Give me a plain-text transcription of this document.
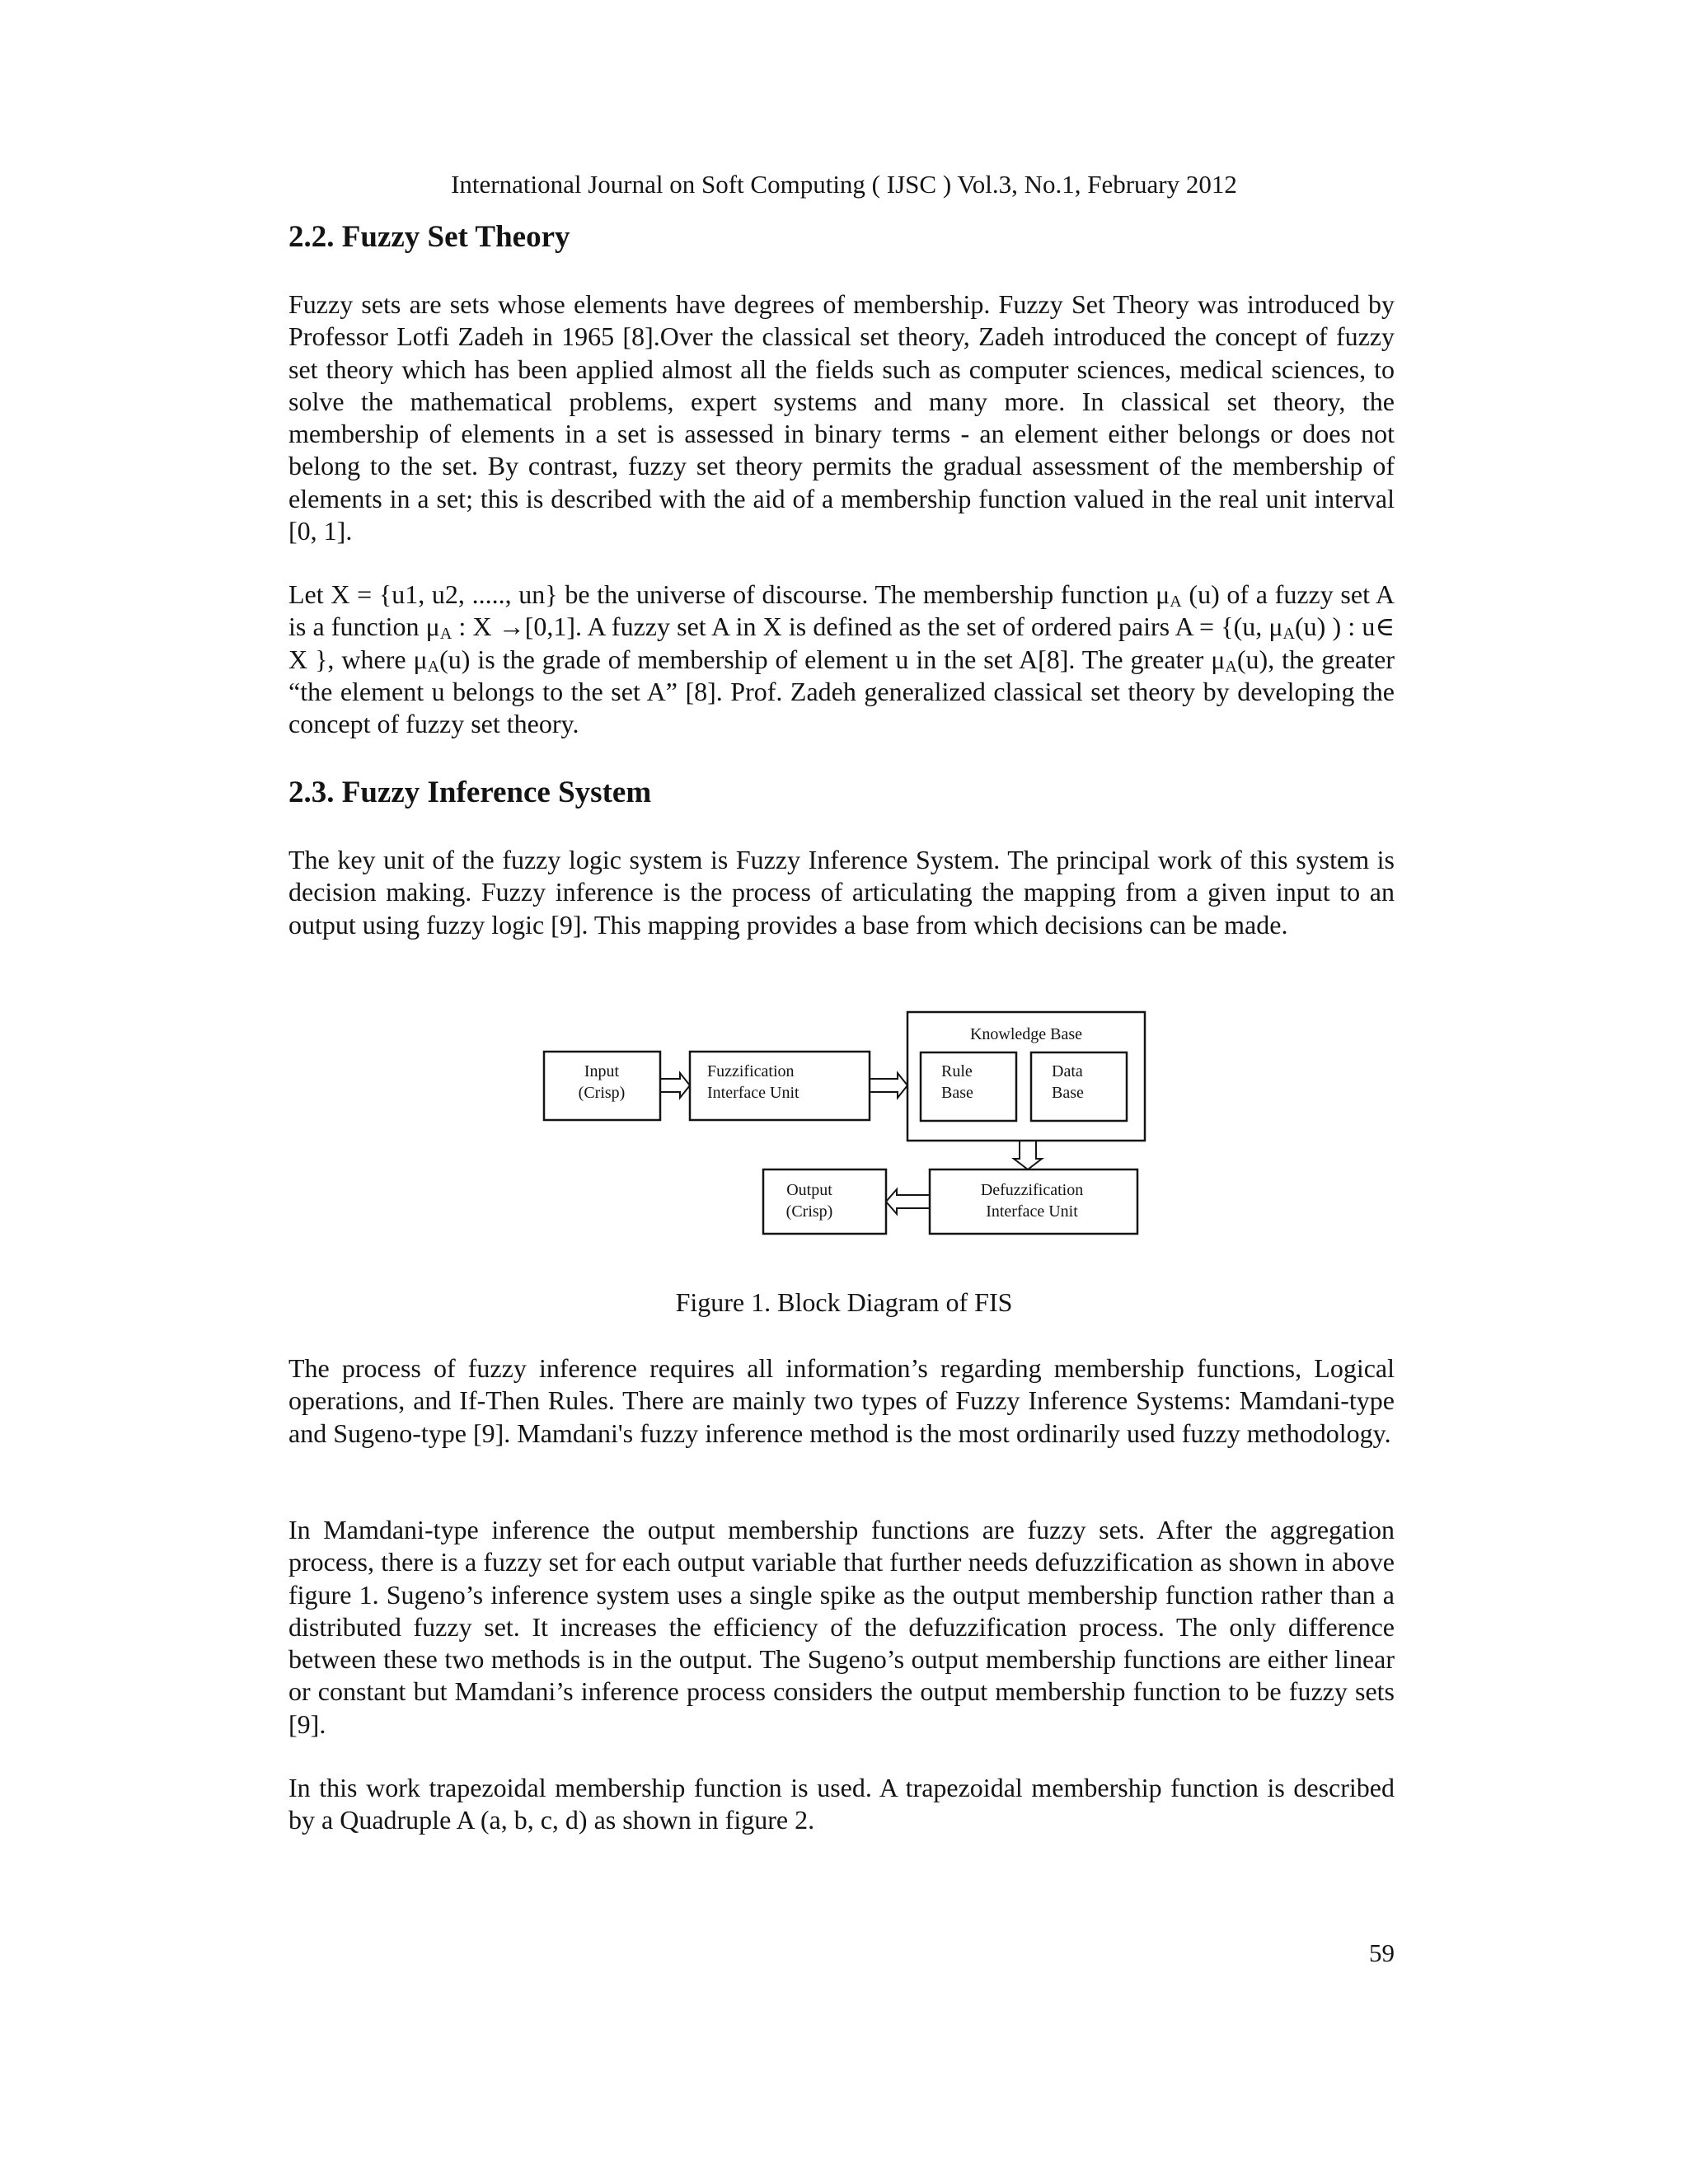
International Journal on Soft Computing ( IJSC ) Vol.3, No.1, February 2012
2.2. Fuzzy Set Theory

Fuzzy sets are sets whose elements have degrees of membership. Fuzzy Set Theory was introduced by Professor Lotfi Zadeh in 1965 [8].Over the classical set theory, Zadeh introduced the concept of fuzzy set theory which has been applied almost all the fields such as computer sciences, medical sciences, to solve the mathematical problems, expert systems and many more. In classical set theory, the membership of elements in a set is assessed in binary terms - an element either belongs or does not belong to the set. By contrast, fuzzy set theory permits the gradual assessment of the membership of elements in a set; this is described with the aid of a membership function valued in the real unit interval [0, 1].

Let X = {u1, u2, ....., un} be the universe of discourse. The membership function $\mu_A$ (u) of a fuzzy set A is a function $\mu_A$ : X →[0,1]. A fuzzy set A in X is defined as the set of ordered pairs A = {(u, $\mu_A(u)$ ) : u∈ X }, where $\mu_A(u)$ is the grade of membership of element u in the set A[8]. The greater $\mu_A(u)$, the greater “the element u belongs to the set A” [8]. Prof. Zadeh generalized classical set theory by developing the concept of fuzzy set theory.

2.3. Fuzzy Inference System

The key unit of the fuzzy logic system is Fuzzy Inference System. The principal work of this system is decision making. Fuzzy inference is the process of articulating the mapping from a given input to an output using fuzzy logic [9]. This mapping provides a base from which decisions can be made.

Input
(Crisp)
Knowledge Base
Output
(Crisp)
Defuzzification
Interface Unit
Fuzzification
Interface Unit
Rule
Base
Data
Base
Figure 1. Block Diagram of FIS

The process of fuzzy inference requires all information’s regarding membership functions, Logical operations, and If-Then Rules. There are mainly two types of Fuzzy Inference Systems: Mamdani-type and Sugeno-type [9]. Mamdani's fuzzy inference method is the most ordinarily used fuzzy methodology.

In Mamdani-type inference the output membership functions are fuzzy sets. After the aggregation process, there is a fuzzy set for each output variable that further needs defuzzification as shown in above figure 1. Sugeno’s inference system uses a single spike as the output membership function rather than a distributed fuzzy set. It increases the efficiency of the defuzzification process. The only difference between these two methods is in the output. The Sugeno’s output membership functions are either linear or constant but Mamdani’s inference process considers the output membership function to be fuzzy sets [9].

In this work trapezoidal membership function is used. A trapezoidal membership function is described by a Quadruple A (a, b, c, d) as shown in figure 2.

59
